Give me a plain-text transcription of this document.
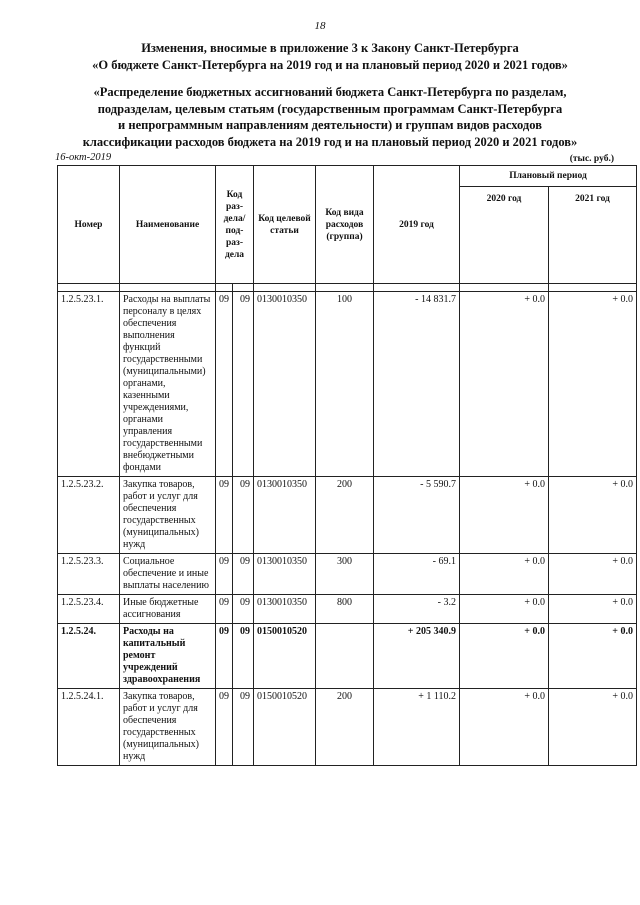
18
Изменения, вносимые в приложение 3 к Закону Санкт-Петербурга
«О бюджете Санкт-Петербурга на 2019 год и на плановый период 2020 и 2021 годов»
«Распределение бюджетных ассигнований бюджета Санкт-Петербурга по разделам,
подразделам, целевым статьям (государственным программам Санкт-Петербурга
и непрограммным направлениям деятельности) и группам видов расходов
классификации расходов бюджета на 2019 год и на плановый период 2020 и 2021 годов»
16-окт-2019	(тыс. руб.)
Номер	Наименование	Код раз-дела/ под-раз-дела		Код целевой статьи	Код вида расходов (группа)	2019 год	Плановый период	
							2020 год	2021 год

1.2.5.23.1.	Расходы на выплаты персоналу в целях обеспечения выполнения функций государственными (муниципальными) органами, казенными учреждениями, органами управления государственными внебюджетными фондами	09	09	0130010350	100	- 14 831.7	+ 0.0	+ 0.0
1.2.5.23.2.	Закупка товаров, работ и услуг для обеспечения государственных (муниципальных) нужд	09	09	0130010350	200	- 5 590.7	+ 0.0	+ 0.0
1.2.5.23.3.	Социальное обеспечение и иные выплаты населению	09	09	0130010350	300	- 69.1	+ 0.0	+ 0.0
1.2.5.23.4.	Иные бюджетные ассигнования	09	09	0130010350	800	- 3.2	+ 0.0	+ 0.0
1.2.5.24.	Расходы на капитальный ремонт учреждений здравоохранения	09	09	0150010520		+ 205 340.9	+ 0.0	+ 0.0
1.2.5.24.1.	Закупка товаров, работ и услуг для обеспечения государственных (муниципальных) нужд	09	09	0150010520	200	+ 1 110.2	+ 0.0	+ 0.0
